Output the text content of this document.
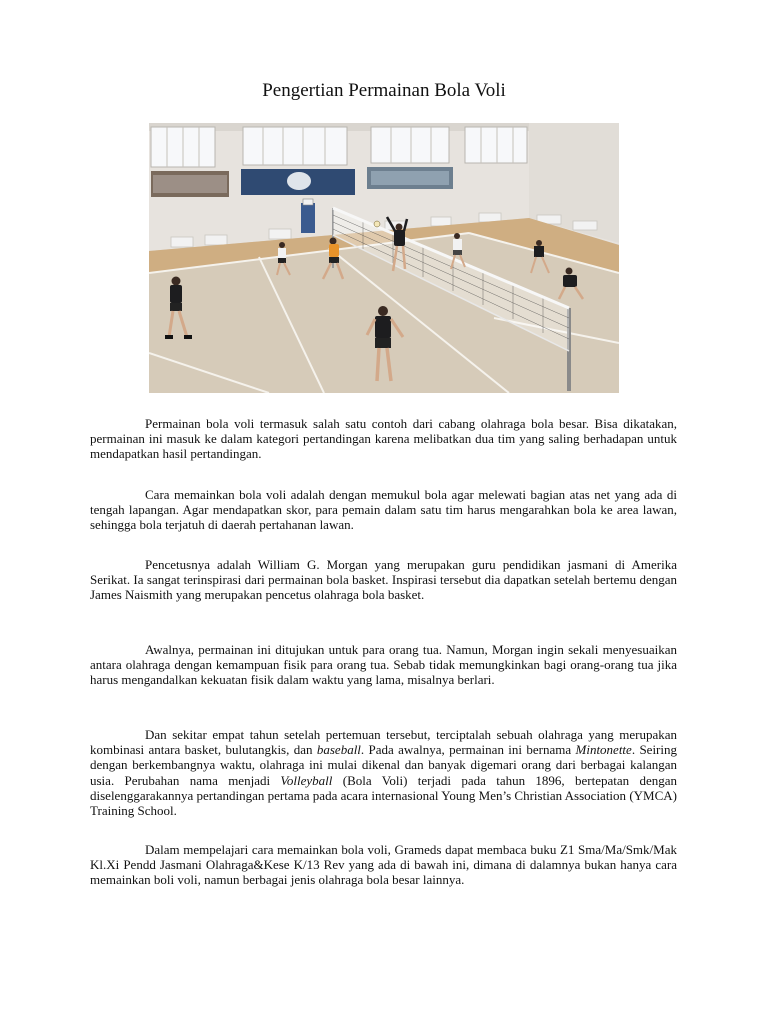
Pengertian Permainan Bola Voli

Permainan bola voli termasuk salah satu contoh dari cabang olahraga bola besar. Bisa dikatakan, permainan ini masuk ke dalam kategori pertandingan karena melibatkan dua tim yang saling berhadapan untuk mendapatkan hasil pertandingan.

Cara memainkan bola voli adalah dengan memukul bola agar melewati bagian atas net yang ada di tengah lapangan. Agar mendapatkan skor, para pemain dalam satu tim harus mengarahkan bola ke area lawan, sehingga bola terjatuh di daerah pertahanan lawan.

Pencetusnya adalah William G. Morgan yang merupakan guru pendidikan jasmani di Amerika Serikat. Ia sangat terinspirasi dari permainan bola basket. Inspirasi tersebut dia dapatkan setelah bertemu dengan James Naismith yang merupakan pencetus olahraga bola basket.

Awalnya, permainan ini ditujukan untuk para orang tua. Namun, Morgan ingin sekali menyesuaikan antara olahraga dengan kemampuan fisik para orang tua. Sebab tidak memungkinkan bagi orang-orang tua jika harus mengandalkan kekuatan fisik dalam waktu yang lama, misalnya berlari.

Dan sekitar empat tahun setelah pertemuan tersebut, terciptalah sebuah olahraga yang merupakan kombinasi antara basket, bulutangkis, dan baseball. Pada awalnya, permainan ini bernama Mintonette. Seiring dengan berkembangnya waktu, olahraga ini mulai dikenal dan banyak digemari orang dari berbagai kalangan usia. Perubahan nama menjadi Volleyball (Bola Voli) terjadi pada tahun 1896, bertepatan dengan diselenggarakannya pertandingan pertama pada acara internasional Young Men’s Christian Association (YMCA) Training School.

Dalam mempelajari cara memainkan bola voli, Grameds dapat membaca buku Z1 Sma/Ma/Smk/Mak Kl.Xi Pendd Jasmani Olahraga&Kese K/13 Rev yang ada di bawah ini, dimana di dalamnya bukan hanya cara memainkan boli voli, namun berbagai jenis olahraga bola besar lainnya.
